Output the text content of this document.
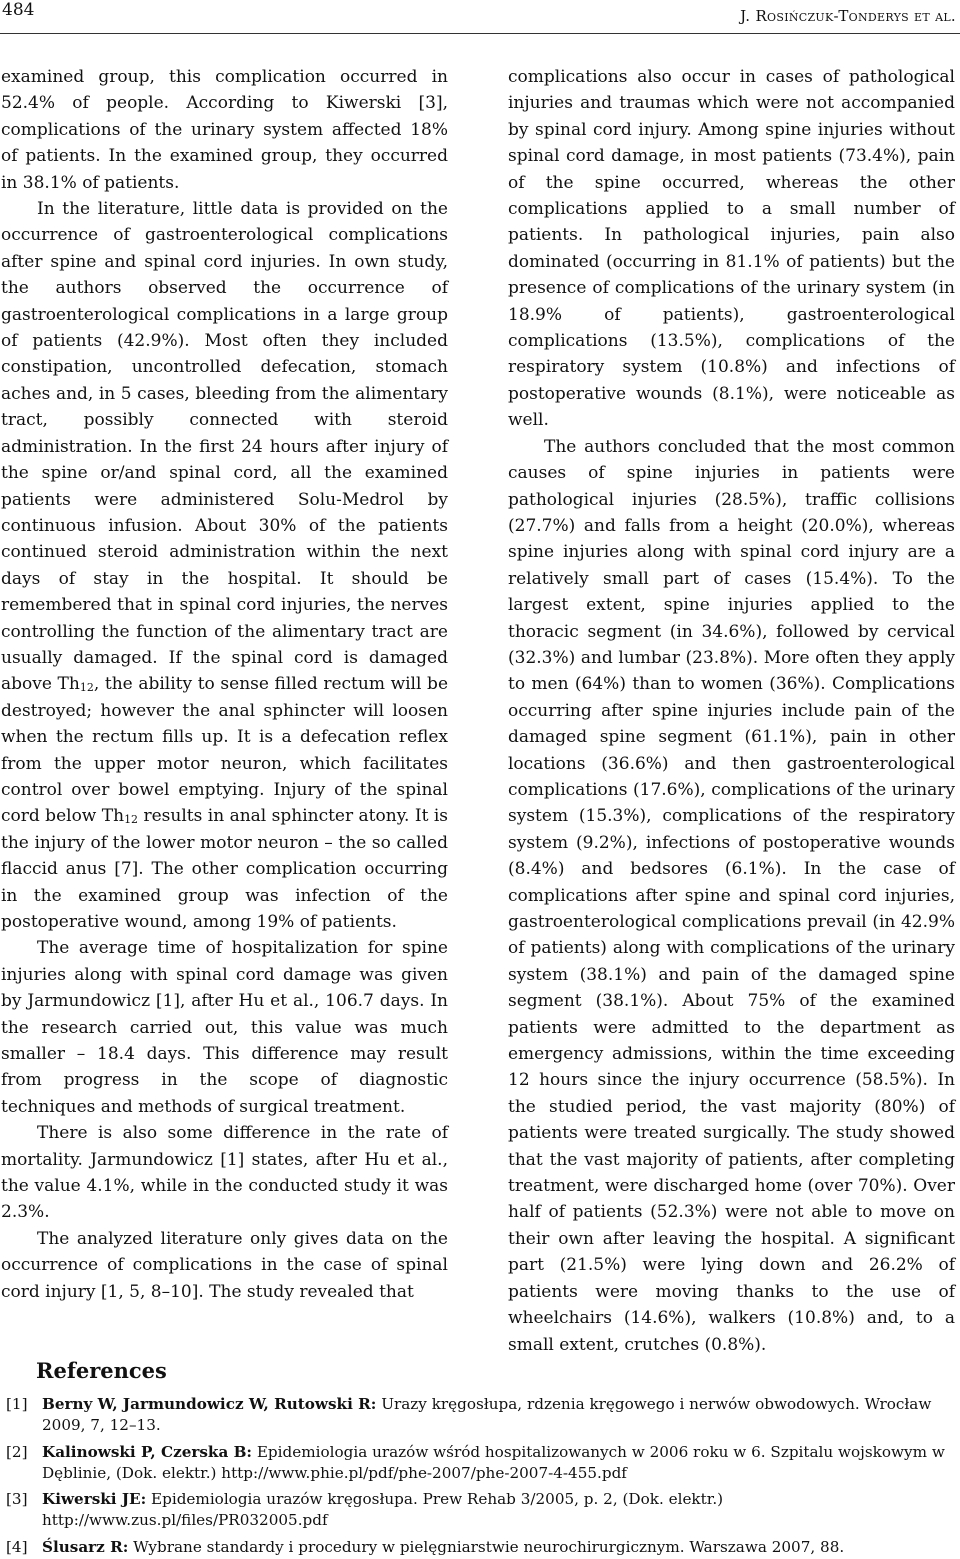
484	J. Rosińczuk-Tonderys et al.

examined group, this complication occurred in 52.4% of people. According to Kiwerski [3], complications of the urinary system affected 18% of patients. In the examined group, they occurred in 38.1% of patients.

In the literature, little data is provided on the occurrence of gastroenterological complications after spine and spinal cord injuries. In own study, the authors observed the occurrence of gastroenterological complications in a large group of patients (42.9%). Most often they included constipation, uncontrolled defecation, stomach aches and, in 5 cases, bleeding from the alimentary tract, possibly connected with steroid administration. In the first 24 hours after injury of the spine or/and spinal cord, all the examined patients were administered Solu-Medrol by continuous infusion. About 30% of the patients continued steroid administration within the next days of stay in the hospital. It should be remembered that in spinal cord injuries, the nerves controlling the function of the alimentary tract are usually damaged. If the spinal cord is damaged above $Th_{12}$, the ability to sense filled rectum will be destroyed; however the anal sphincter will loosen when the rectum fills up. It is a defecation reflex from the upper motor neuron, which facilitates control over bowel emptying. Injury of the spinal cord below $Th_{12}$ results in anal sphincter atony. It is the injury of the lower motor neuron – the so called flaccid anus [7]. The other complication occurring in the examined group was infection of the postoperative wound, among 19% of patients.

The average time of hospitalization for spine injuries along with spinal cord damage was given by Jarmundowicz [1], after Hu et al., 106.7 days. In the research carried out, this value was much smaller – 18.4 days. This difference may result from progress in the scope of diagnostic techniques and methods of surgical treatment.

There is also some difference in the rate of mortality. Jarmundowicz [1] states, after Hu et al., the value 4.1%, while in the conducted study it was 2.3%.

The analyzed literature only gives data on the occurrence of complications in the case of spinal cord injury [1, 5, 8–10]. The study revealed that

complications also occur in cases of pathological injuries and traumas which were not accompanied by spinal cord injury. Among spine injuries without spinal cord damage, in most patients (73.4%), pain of the spine occurred, whereas the other complications applied to a small number of patients. In pathological injuries, pain also dominated (occurring in 81.1% of patients) but the presence of complications of the urinary system (in 18.9% of patients), gastroenterological complications (13.5%), complications of the respiratory system (10.8%) and infections of postoperative wounds (8.1%), were noticeable as well.

The authors concluded that the most common causes of spine injuries in patients were pathological injuries (28.5%), traffic collisions (27.7%) and falls from a height (20.0%), whereas spine injuries along with spinal cord injury are a relatively small part of cases (15.4%). To the largest extent, spine injuries applied to the thoracic segment (in 34.6%), followed by cervical (32.3%) and lumbar (23.8%). More often they apply to men (64%) than to women (36%). Complications occurring after spine injuries include pain of the damaged spine segment (61.1%), pain in other locations (36.6%) and then gastroenterological complications (17.6%), complications of the urinary system (15.3%), complications of the respiratory system (9.2%), infections of postoperative wounds (8.4%) and bedsores (6.1%). In the case of complications after spine and spinal cord injuries, gastroenterological complications prevail (in 42.9% of patients) along with complications of the urinary system (38.1%) and pain of the damaged spine segment (38.1%). About 75% of the examined patients were admitted to the department as emergency admissions, within the time exceeding 12 hours since the injury occurrence (58.5%). In the studied period, the vast majority (80%) of patients were treated surgically. The study showed that the vast majority of patients, after completing treatment, were discharged home (over 70%). Over half of patients (52.3%) were not able to move on their own after leaving the hospital. A significant part (21.5%) were lying down and 26.2% of patients were moving thanks to the use of wheelchairs (14.6%), walkers (10.8%) and, to a small extent, crutches (0.8%).

References
[1] Berny W, Jarmundowicz W, Rutowski R: Urazy kręgosłupa, rdzenia kręgowego i nerwów obwodowych. Wrocław 2009, 7, 12–13.
[2] Kalinowski P, Czerska B: Epidemiologia urazów wśród hospitalizowanych w 2006 roku w 6. Szpitalu wojskowym w Dęblinie, (Dok. elektr.) http://www.phie.pl/pdf/phe-2007/phe-2007-4-455.pdf
[3] Kiwerski JE: Epidemiologia urazów kręgosłupa. Prew Rehab 3/2005, p. 2, (Dok. elektr.) http://www.zus.pl/files/PR032005.pdf
[4] Ślusarz R: Wybrane standardy i procedury w pielęgniarstwie neurochirurgicznym. Warszawa 2007, 88.
